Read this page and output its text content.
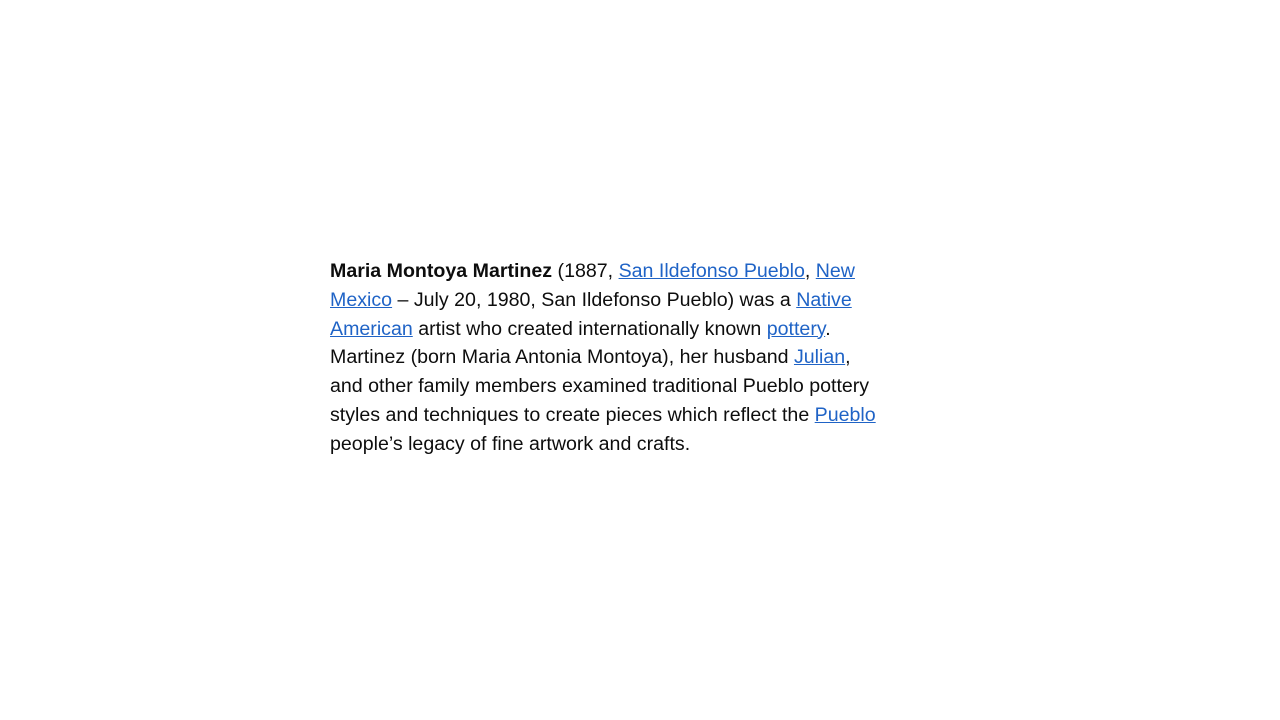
Maria Montoya Martinez (1887, San Ildefonso Pueblo, New
Mexico – July 20, 1980, San Ildefonso Pueblo) was a Native
American artist who created internationally known pottery.
Martinez (born Maria Antonia Montoya), her husband Julian,
and other family members examined traditional Pueblo pottery
styles and techniques to create pieces which reflect the Pueblo
people’s legacy of fine artwork and crafts.
